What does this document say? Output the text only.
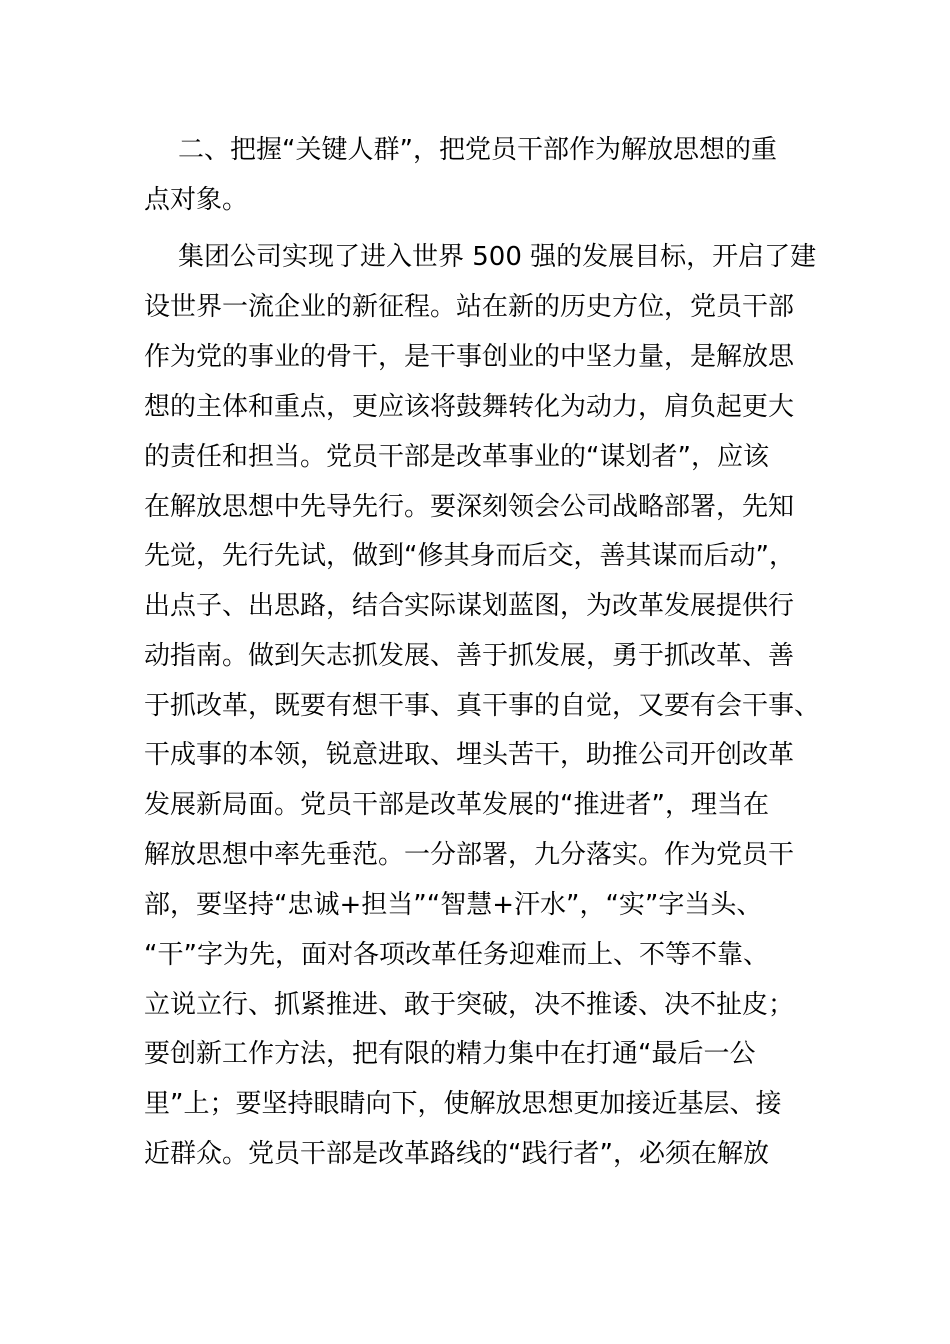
二、把握“关键人群”，把党员干部作为解放思想的重
点对象。
集团公司实现了进入世界 500 强的发展目标，开启了建
设世界一流企业的新征程。站在新的历史方位，党员干部
作为党的事业的骨干，是干事创业的中坚力量，是解放思
想的主体和重点，更应该将鼓舞转化为动力，肩负起更大
的责任和担当。党员干部是改革事业的“谋划者”，应该
在解放思想中先导先行。要深刻领会公司战略部署，先知
先觉，先行先试，做到“修其身而后交，善其谋而后动”，
出点子、出思路，结合实际谋划蓝图，为改革发展提供行
动指南。做到矢志抓发展、善于抓发展，勇于抓改革、善
于抓改革，既要有想干事、真干事的自觉，又要有会干事、
干成事的本领，锐意进取、埋头苦干，助推公司开创改革
发展新局面。党员干部是改革发展的“推进者”，理当在
解放思想中率先垂范。一分部署，九分落实。作为党员干
部，要坚持“忠诚+担当”“智慧+汗水”，“实”字当头、
“干”字为先，面对各项改革任务迎难而上、不等不靠、
立说立行、抓紧推进、敢于突破，决不推诿、决不扯皮；
要创新工作方法，把有限的精力集中在打通“最后一公
里”上；要坚持眼睛向下，使解放思想更加接近基层、接
近群众。党员干部是改革路线的“践行者”，必须在解放
